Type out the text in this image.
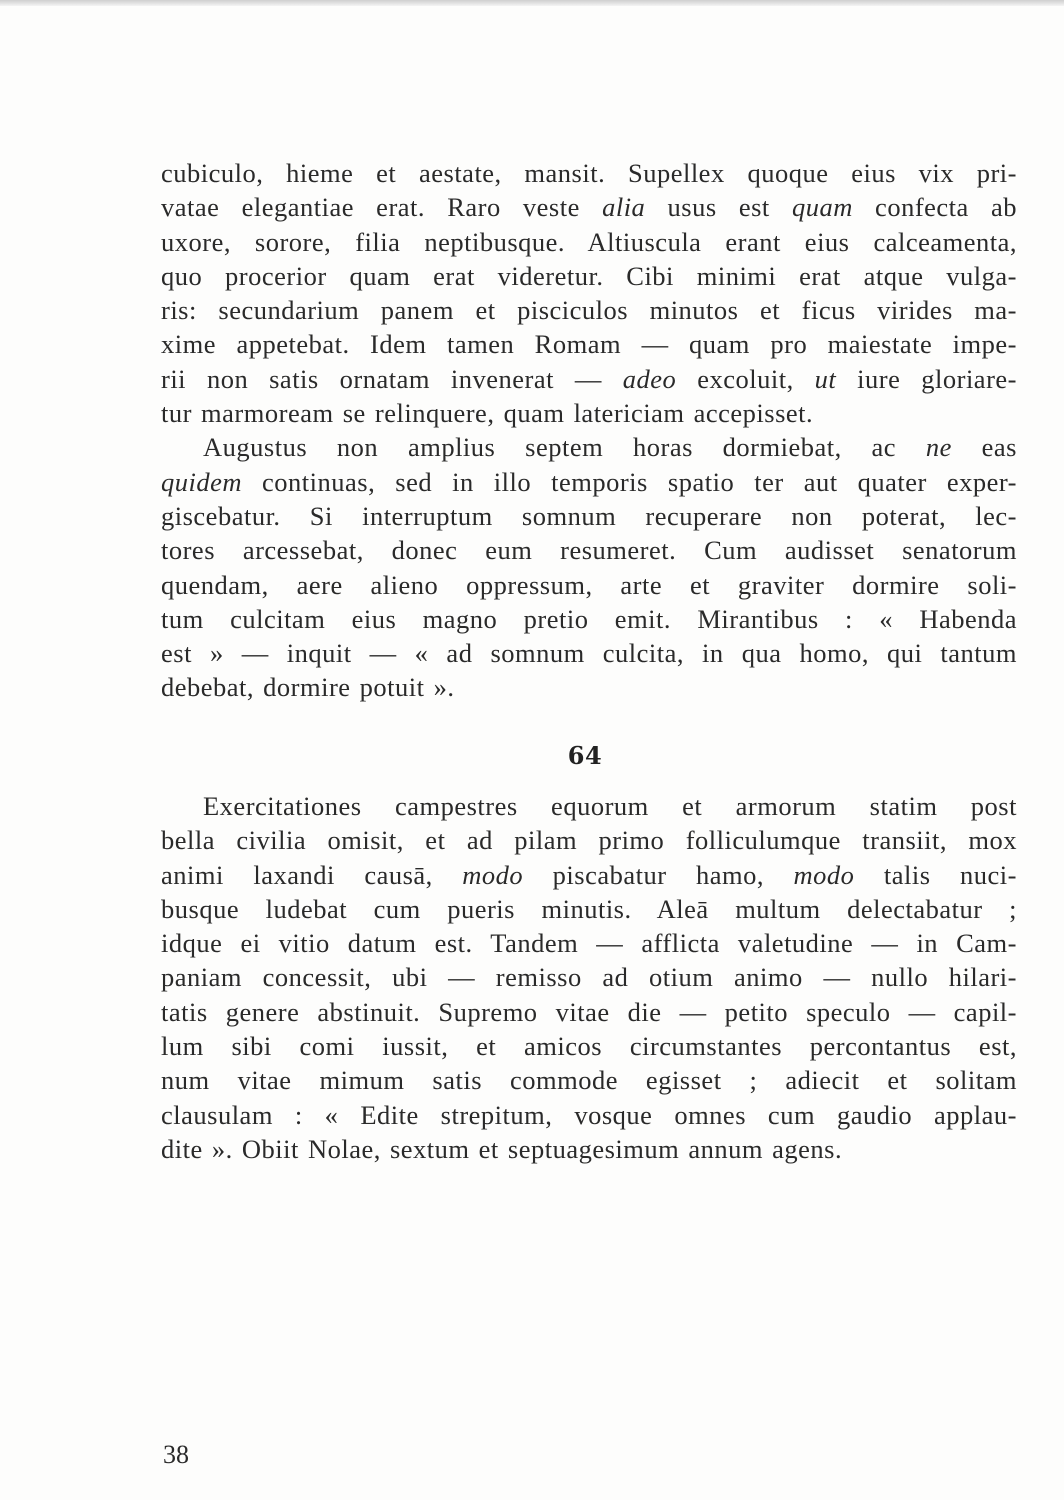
cubiculo, hieme et aestate, mansit. Supellex quoque eius vix pri-
vatae elegantiae erat. Raro veste alia usus est quam confecta ab
uxore, sorore, filia neptibusque. Altiuscula erant eius calceamenta,
quo procerior quam erat videretur. Cibi minimi erat atque vulga-
ris: secundarium panem et pisciculos minutos et ficus virides ma-
xime appetebat. Idem tamen Romam — quam pro maiestate impe-
rii non satis ornatam invenerat — adeo excoluit, ut iure gloriare-
tur marmoream se relinquere, quam latericiam accepisset.

Augustus non amplius septem horas dormiebat, ac ne eas
quidem continuas, sed in illo temporis spatio ter aut quater exper-
giscebatur. Si interruptum somnum recuperare non poterat, lec-
tores arcessebat, donec eum resumeret. Cum audisset senatorum
quendam, aere alieno oppressum, arte et graviter dormire soli-
tum culcitam eius magno pretio emit. Mirantibus : « Habenda
est » — inquit — « ad somnum culcita, in qua homo, qui tantum
debebat, dormire potuit ».

64

Exercitationes campestres equorum et armorum statim post
bella civilia omisit, et ad pilam primo folliculumque transiit, mox
animi laxandi causā, modo piscabatur hamo, modo talis nuci-
busque ludebat cum pueris minutis. Aleā multum delectabatur ;
idque ei vitio datum est. Tandem — afflicta valetudine — in Cam-
paniam concessit, ubi — remisso ad otium animo — nullo hilari-
tatis genere abstinuit. Supremo vitae die — petito speculo — capil-
lum sibi comi iussit, et amicos circumstantes percontantus est,
num vitae mimum satis commode egisset ; adiecit et solitam
clausulam : « Edite strepitum, vosque omnes cum gaudio applau-
dite ». Obiit Nolae, sextum et septuagesimum annum agens.

38
